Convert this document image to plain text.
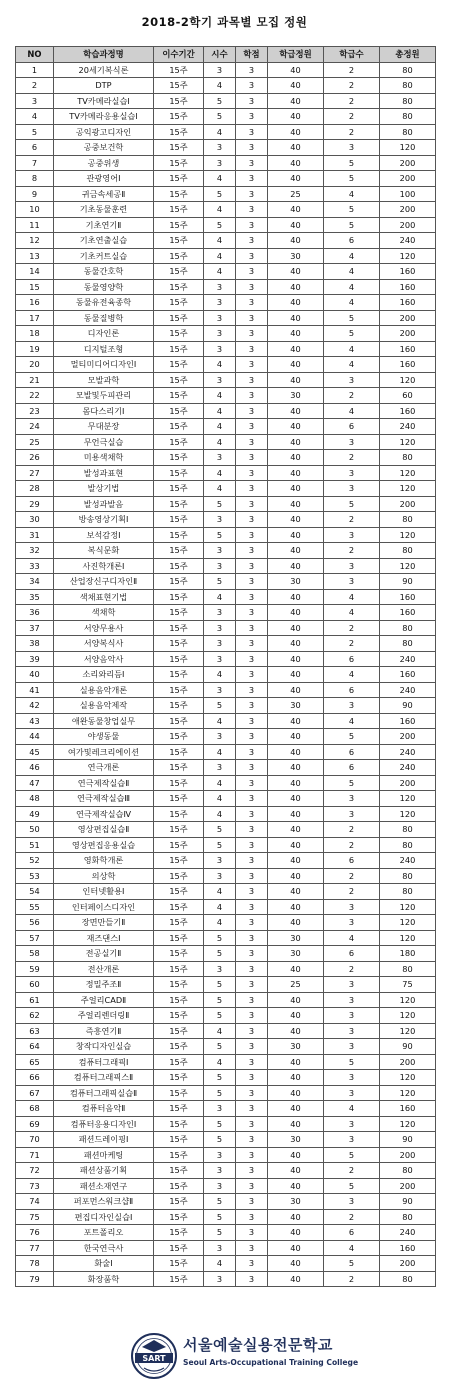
2018-2학기 과목별 모집 정원
NO	학습과정명	이수기간	시수	학점	학급정원	학급수	총정원
1	20세기복식론	15주	3	3	40	2	80
2	DTP	15주	4	3	40	2	80
3	TV카메라실습Ⅰ	15주	5	3	40	2	80
4	TV카메라응용실습Ⅰ	15주	5	3	40	2	80
5	공익광고디자인	15주	4	3	40	2	80
6	공중보건학	15주	3	3	40	3	120
7	공중위생	15주	3	3	40	5	200
8	관광영어Ⅰ	15주	4	3	40	5	200
9	귀금속세공Ⅱ	15주	5	3	25	4	100
10	기초동물훈련	15주	4	3	40	5	200
11	기초연기Ⅱ	15주	5	3	40	5	200
12	기초연출실습	15주	4	3	40	6	240
13	기초커트실습	15주	4	3	30	4	120
14	동물간호학	15주	4	3	40	4	160
15	동물영양학	15주	3	3	40	4	160
16	동물유전육종학	15주	3	3	40	4	160
17	동물질병학	15주	3	3	40	5	200
18	디자인론	15주	3	3	40	5	200
19	디지털조형	15주	3	3	40	4	160
20	멀티미디어디자인Ⅰ	15주	4	3	40	4	160
21	모발과학	15주	3	3	40	3	120
22	모발및두피관리	15주	4	3	30	2	60
23	몸다스리기Ⅰ	15주	4	3	40	4	160
24	무대분장	15주	4	3	40	6	240
25	무언극실습	15주	4	3	40	3	120
26	미용색채학	15주	3	3	40	2	80
27	발성과표현	15주	4	3	40	3	120
28	발상기법	15주	4	3	40	3	120
29	발성과발음	15주	5	3	40	5	200
30	방송영상기획Ⅰ	15주	3	3	40	2	80
31	보석감정Ⅰ	15주	5	3	40	3	120
32	복식문화	15주	3	3	40	2	80
33	사진학개론Ⅰ	15주	3	3	40	3	120
34	산업장신구디자인Ⅱ	15주	5	3	30	3	90
35	색채표현기법	15주	4	3	40	4	160
36	색채학	15주	3	3	40	4	160
37	서양무용사	15주	3	3	40	2	80
38	서양복식사	15주	3	3	40	2	80
39	서양음악사	15주	3	3	40	6	240
40	소리와리듬Ⅰ	15주	4	3	40	4	160
41	실용음악개론	15주	3	3	40	6	240
42	실용음악제작	15주	5	3	30	3	90
43	애완동물창업실무	15주	4	3	40	4	160
44	야생동물	15주	3	3	40	5	200
45	여가및레크리에이션	15주	4	3	40	6	240
46	연극개론	15주	3	3	40	6	240
47	연극제작실습Ⅱ	15주	4	3	40	5	200
48	연극제작실습Ⅲ	15주	4	3	40	3	120
49	연극제작실습Ⅳ	15주	4	3	40	3	120
50	영상편집실습Ⅱ	15주	5	3	40	2	80
51	영상편집응용실습	15주	5	3	40	2	80
52	영화학개론	15주	3	3	40	6	240
53	의상학	15주	3	3	40	2	80
54	인터넷활용Ⅰ	15주	4	3	40	2	80
55	인터페이스디자인	15주	4	3	40	3	120
56	장면만들기Ⅱ	15주	4	3	40	3	120
57	재즈댄스Ⅰ	15주	5	3	30	4	120
58	전공실기Ⅱ	15주	5	3	30	6	180
59	전산개론	15주	3	3	40	2	80
60	정밀주조Ⅱ	15주	5	3	25	3	75
61	주얼리CADⅡ	15주	5	3	40	3	120
62	주얼리렌더링Ⅱ	15주	5	3	40	3	120
63	즉흥연기Ⅱ	15주	4	3	40	3	120
64	창작디자인실습	15주	5	3	30	3	90
65	컴퓨터그래픽Ⅰ	15주	4	3	40	5	200
66	컴퓨터그래픽스Ⅱ	15주	5	3	40	3	120
67	컴퓨터그래픽실습Ⅱ	15주	5	3	40	3	120
68	컴퓨터음악Ⅱ	15주	3	3	40	4	160
69	컴퓨터응용디자인Ⅰ	15주	5	3	40	3	120
70	패션드레이핑Ⅰ	15주	5	3	30	3	90
71	패션마케팅	15주	3	3	40	5	200
72	패션상품기획	15주	3	3	40	2	80
73	패션소재연구	15주	3	3	40	5	200
74	퍼포먼스워크샵Ⅱ	15주	5	3	30	3	90
75	편집디자인실습Ⅰ	15주	5	3	40	2	80
76	포트폴리오	15주	5	3	40	6	240
77	한국연극사	15주	3	3	40	4	160
78	화술Ⅰ	15주	4	3	40	5	200
79	화장품학	15주	3	3	40	2	80
SART
서울예술실용전문학교
Seoul Arts-Occupational Training College
